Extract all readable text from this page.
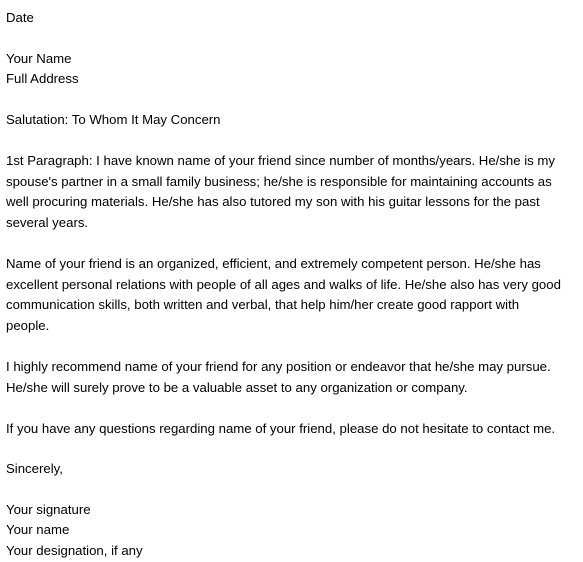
Date
Your Name
Full Address
Salutation: To Whom It May Concern
1st Paragraph: I have known name of your friend since number of months/years. He/she is my
spouse's partner in a small family business; he/she is responsible for maintaining accounts as
well procuring materials. He/she has also tutored my son with his guitar lessons for the past
several years.
Name of your friend is an organized, efficient, and extremely competent person. He/she has
excellent personal relations with people of all ages and walks of life. He/she also has very good
communication skills, both written and verbal, that help him/her create good rapport with
people.
I highly recommend name of your friend for any position or endeavor that he/she may pursue.
He/she will surely prove to be a valuable asset to any organization or company.
If you have any questions regarding name of your friend, please do not hesitate to contact me.
Sincerely,
Your signature
Your name
Your designation, if any
